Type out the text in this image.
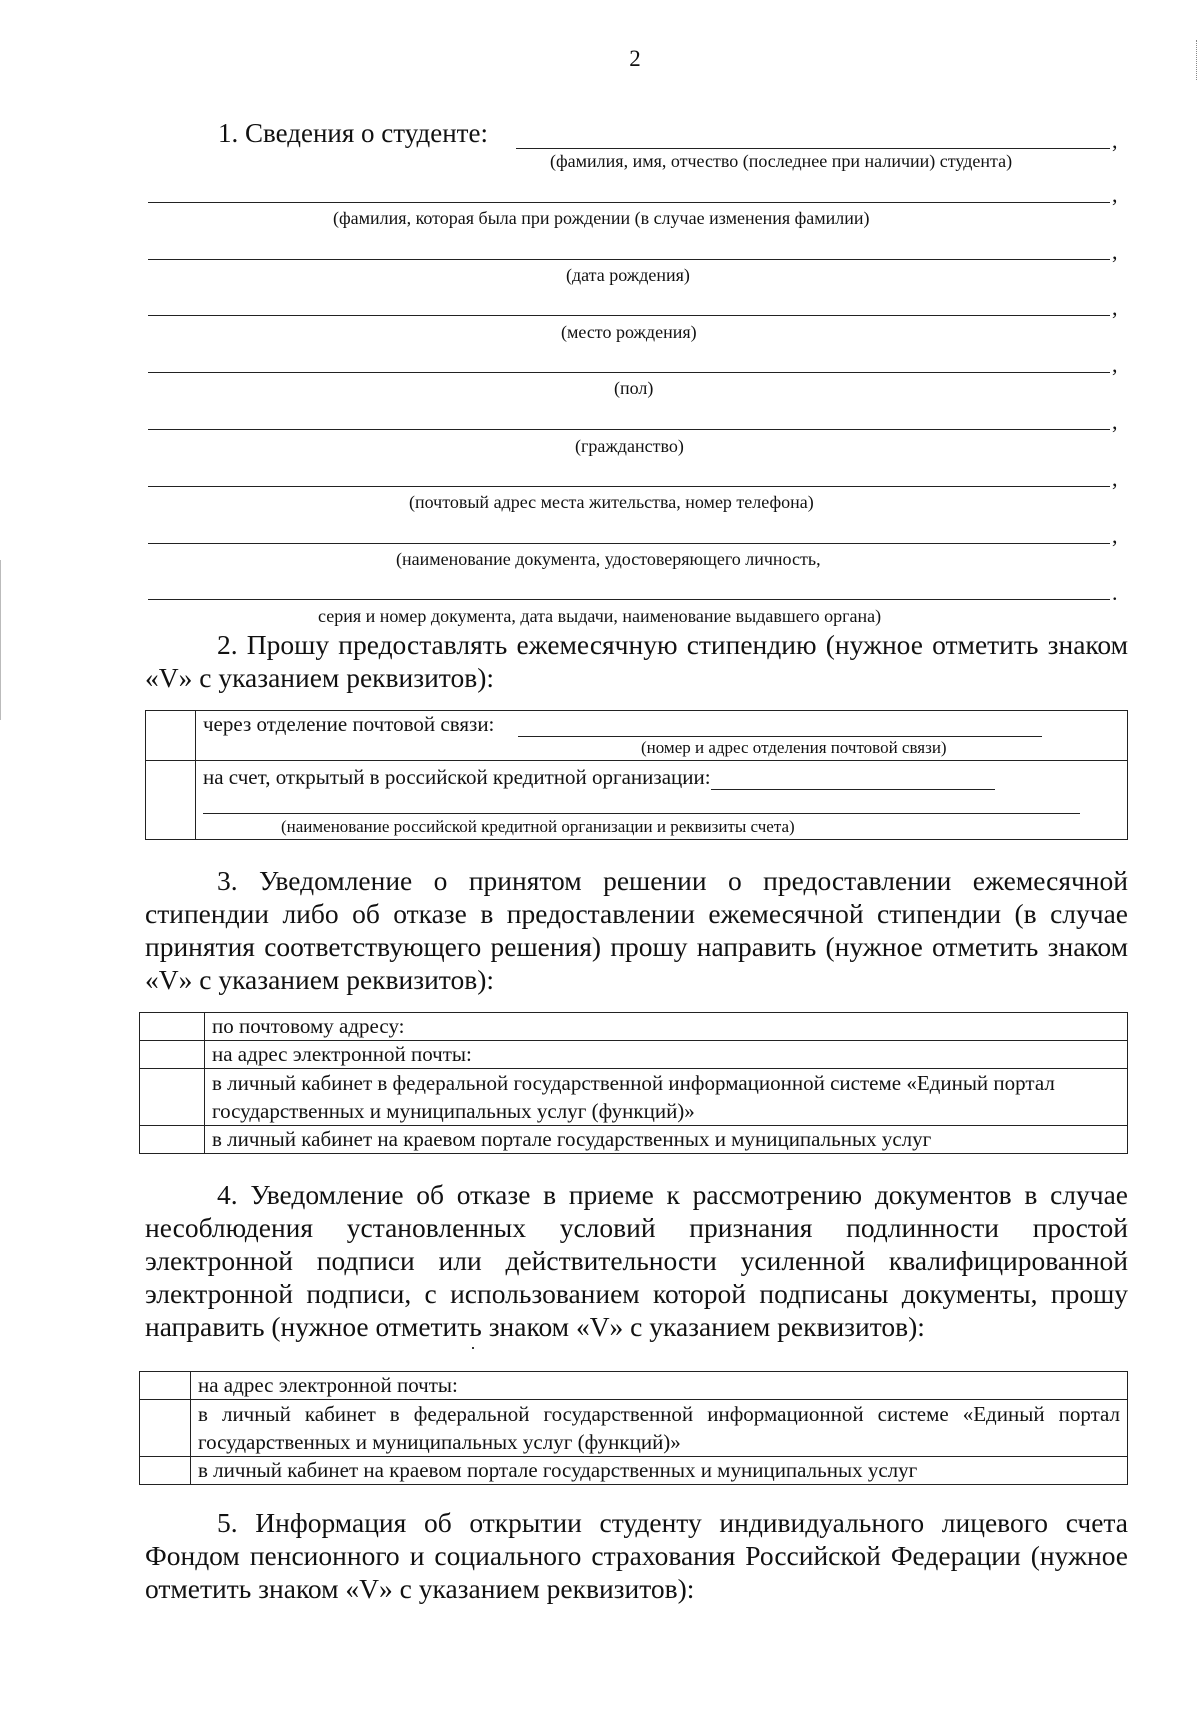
2
1. Сведения о студенте:	,
(фамилия, имя, отчество (последнее при наличии) студента)
,
(фамилия, которая была при рождении (в случае изменения фамилии)
,
(дата рождения)
,
(место рождения)
,
(пол)
,
(гражданство)
,
(почтовый адрес места жительства, номер телефона)
,
(наименование документа, удостоверяющего личность,
.
серия и номер документа, дата выдачи, наименование выдавшего органа)
2. Прошу предоставлять ежемесячную стипендию (нужное отметить знаком «V» с указанием реквизитов):

	через отделение почтовой связи:
(номер и адрес отделения почтовой связи)

	на счет, открытый в российской кредитной организации:
(наименование российской кредитной организации и реквизиты счета)
3. Уведомление о принятом решении о предоставлении ежемесячной стипендии либо об отказе в предоставлении ежемесячной стипендии (в случае принятия соответствующего решения) прошу направить (нужное отметить знаком «V» с указанием реквизитов):
	по почтовому адресу:
	на адрес электронной почты:
	в личный кабинет в федеральной государственной информационной системе «Единый портал государственных и муниципальных услуг (функций)»
	в личный кабинет на краевом портале государственных и муниципальных услуг
4. Уведомление об отказе в приеме к рассмотрению документов в случае несоблюдения установленных условий признания подлинности простой электронной подписи или действительности усиленной квалифицированной электронной подписи, с использованием которой подписаны документы, прошу направить (нужное отметить знаком «V» с указанием реквизитов):
	на адрес электронной почты:
	в личный кабинет в федеральной государственной информационной системе «Единый портал государственных и муниципальных услуг (функций)»
	в личный кабинет на краевом портале государственных и муниципальных услуг
5. Информация об открытии студенту индивидуального лицевого счета Фондом пенсионного и социального страхования Российской Федерации (нужное отметить знаком «V» с указанием реквизитов):
